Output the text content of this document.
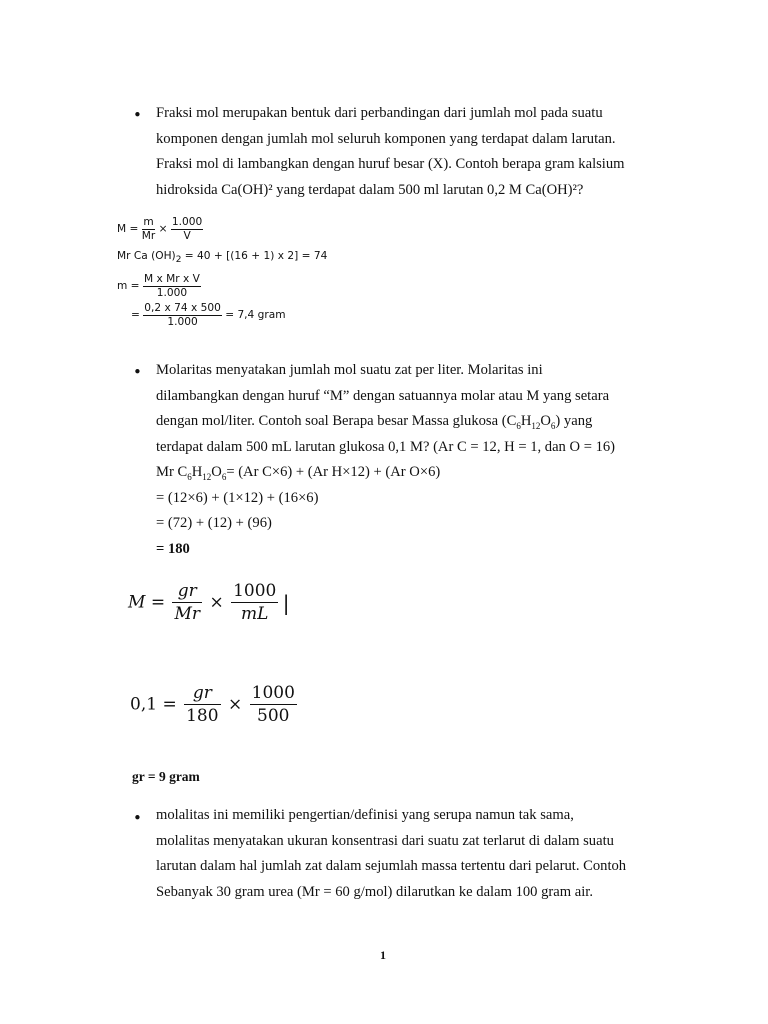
• Fraksi mol merupakan bentuk dari perbandingan dari jumlah mol pada suatu
komponen dengan jumlah mol seluruh komponen yang terdapat dalam larutan.
Fraksi mol di lambangkan dengan huruf besar (X). Contoh berapa gram kalsium
hidroksida Ca(OH)² yang terdapat dalam 500 ml larutan 0,2 M Ca(OH)²?
$M = \frac{m}{Mr} \times \frac{1.000}{V}$
Mr Ca $(OH)_2 = 40 + [(16 + 1)$ x 2] = 74
$m = \frac{\text{M x Mr x V}}{1.000}$
= $\frac{0,2 x 74 x 500}{1.000} = 7,4$ gram
• Molaritas menyatakan jumlah mol suatu zat per liter. Molaritas ini
dilambangkan dengan huruf “M” dengan satuannya molar atau M yang setara
dengan mol/liter. Contoh soal Berapa besar Massa glukosa $(C_6H_{12}O_6)$ yang
terdapat dalam 500 mL larutan glukosa 0,1 M? (Ar C = 12, H = 1, dan O = 16)
Mr $C_6H_{12}O_6= (Ar$ C×6) + (Ar H×12) + (Ar O×6)
= (12×6) + (1×12) + (16×6)
= (72) + (12) + (96)
= 180
$M = \frac{gr}{Mr} \times \frac{1000}{mL}$ |
$0,1 = \frac{gr}{180} \times \frac{1000}{500}$
gr = 9 gram
• molalitas ini memiliki pengertian/definisi yang serupa namun tak sama,
molalitas menyatakan ukuran konsentrasi dari suatu zat terlarut di dalam suatu
larutan dalam hal jumlah zat dalam sejumlah massa tertentu dari pelarut. Contoh
Sebanyak 30 gram urea (Mr = 60 g/mol) dilarutkan ke dalam 100 gram air.
1
